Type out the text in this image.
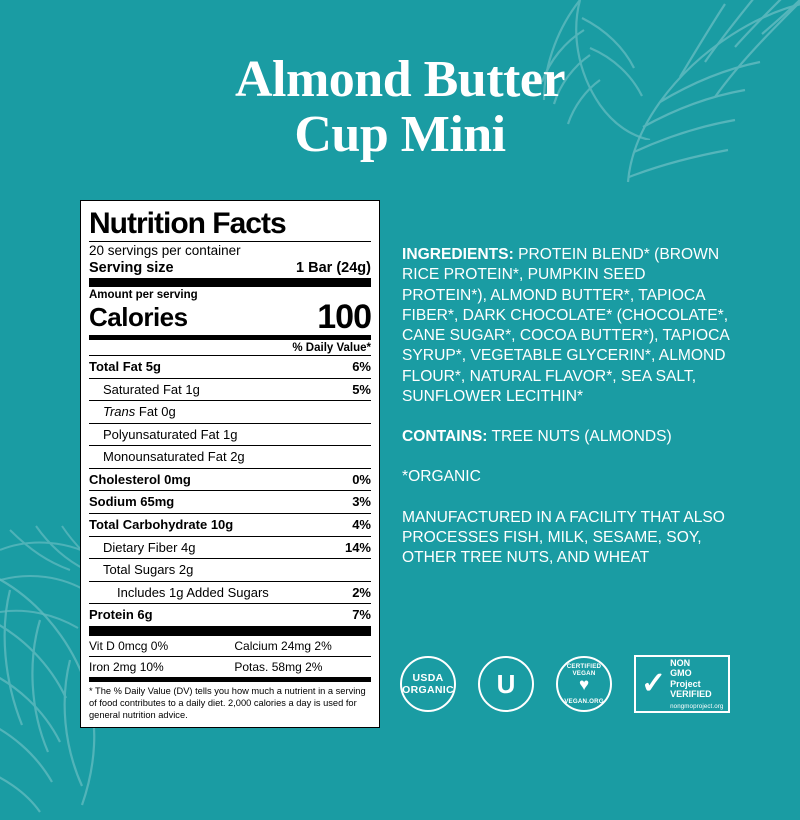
Almond Butter
Cup Mini
Nutrition Facts
20 servings per container
Serving size	1 Bar (24g)
Amount per serving
Calories	100
% Daily Value*
Total Fat 5g	6%
Saturated Fat 1g	5%
Trans Fat 0g
Polyunsaturated Fat 1g
Monounsaturated Fat 2g
Cholesterol 0mg	0%
Sodium 65mg	3%
Total Carbohydrate 10g	4%
Dietary Fiber 4g	14%
Total Sugars 2g
Includes 1g Added Sugars	2%
Protein 6g	7%
Vit D 0mcg 0%	Calcium 24mg 2%
Iron 2mg 10%	Potas. 58mg 2%
* The % Daily Value (DV) tells you how much a nutrient in a serving of food contributes to a daily diet. 2,000 calories a day is used for general nutrition advice.

INGREDIENTS: PROTEIN BLEND* (BROWN RICE PROTEIN*, PUMPKIN SEED PROTEIN*), ALMOND BUTTER*, TAPIOCA FIBER*, DARK CHOCOLATE* (CHOCOLATE*, CANE SUGAR*, COCOA BUTTER*), TAPIOCA SYRUP*, VEGETABLE GLYCERIN*, ALMOND FLOUR*, NATURAL FLAVOR*, SEA SALT, SUNFLOWER LECITHIN*

CONTAINS: TREE NUTS (ALMONDS)

*ORGANIC

MANUFACTURED IN A FACILITY THAT ALSO PROCESSES FISH, MILK, SESAME, SOY, OTHER TREE NUTS, AND WHEAT

USDA
ORGANIC U
CERTIFIED VEGAN
♥
VEGAN.ORG
✓
NON
GMO
Project
VERIFIED
nongmoproject.org
